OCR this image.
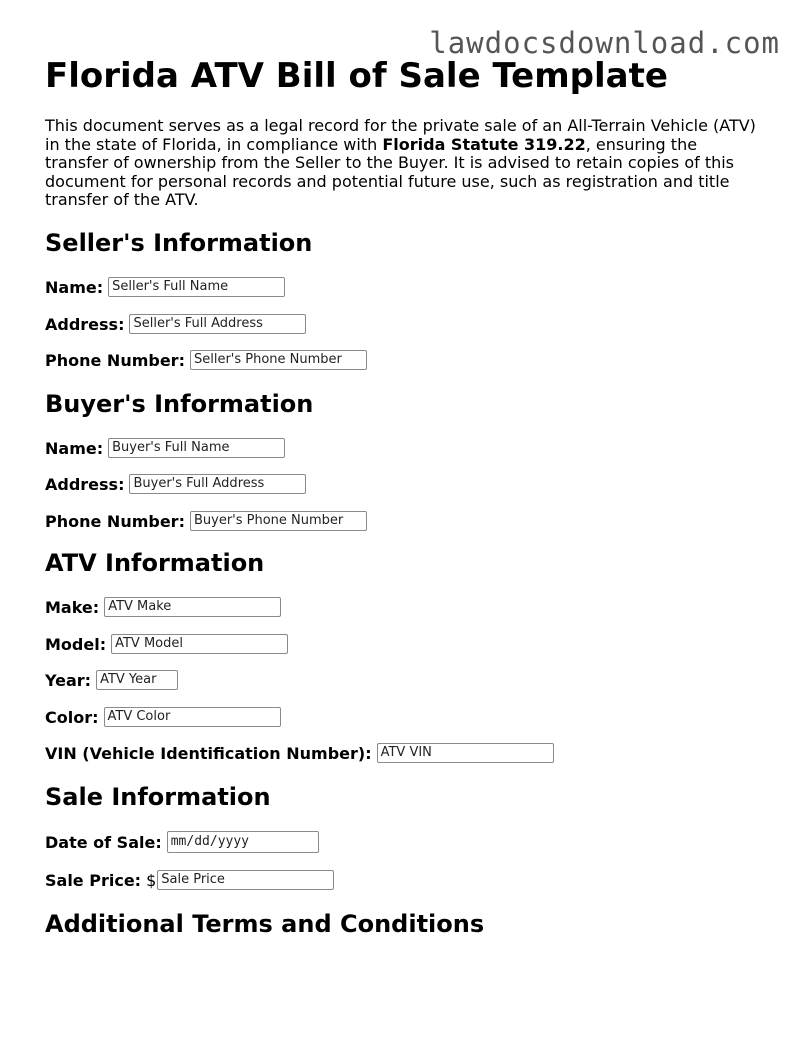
lawdocsdownload.com
Florida ATV Bill of Sale Template

This document serves as a legal record for the private sale of an All-Terrain Vehicle (ATV) in the state of Florida, in compliance with Florida Statute 319.22, ensuring the transfer of ownership from the Seller to the Buyer. It is advised to retain copies of this document for personal records and potential future use, such as registration and title transfer of the ATV.

Seller's Information
Name: Seller's Full Name
Address: Seller's Full Address
Phone Number: Seller's Phone Number
Buyer's Information
Name: Buyer's Full Name
Address: Buyer's Full Address
Phone Number: Buyer's Phone Number
ATV Information
Make: ATV Make
Model: ATV Model
Year: ATV Year
Color: ATV Color
VIN (Vehicle Identification Number): ATV VIN
Sale Information
Date of Sale: mm/dd/yyyy
Sale Price: $ Sale Price
Additional Terms and Conditions
